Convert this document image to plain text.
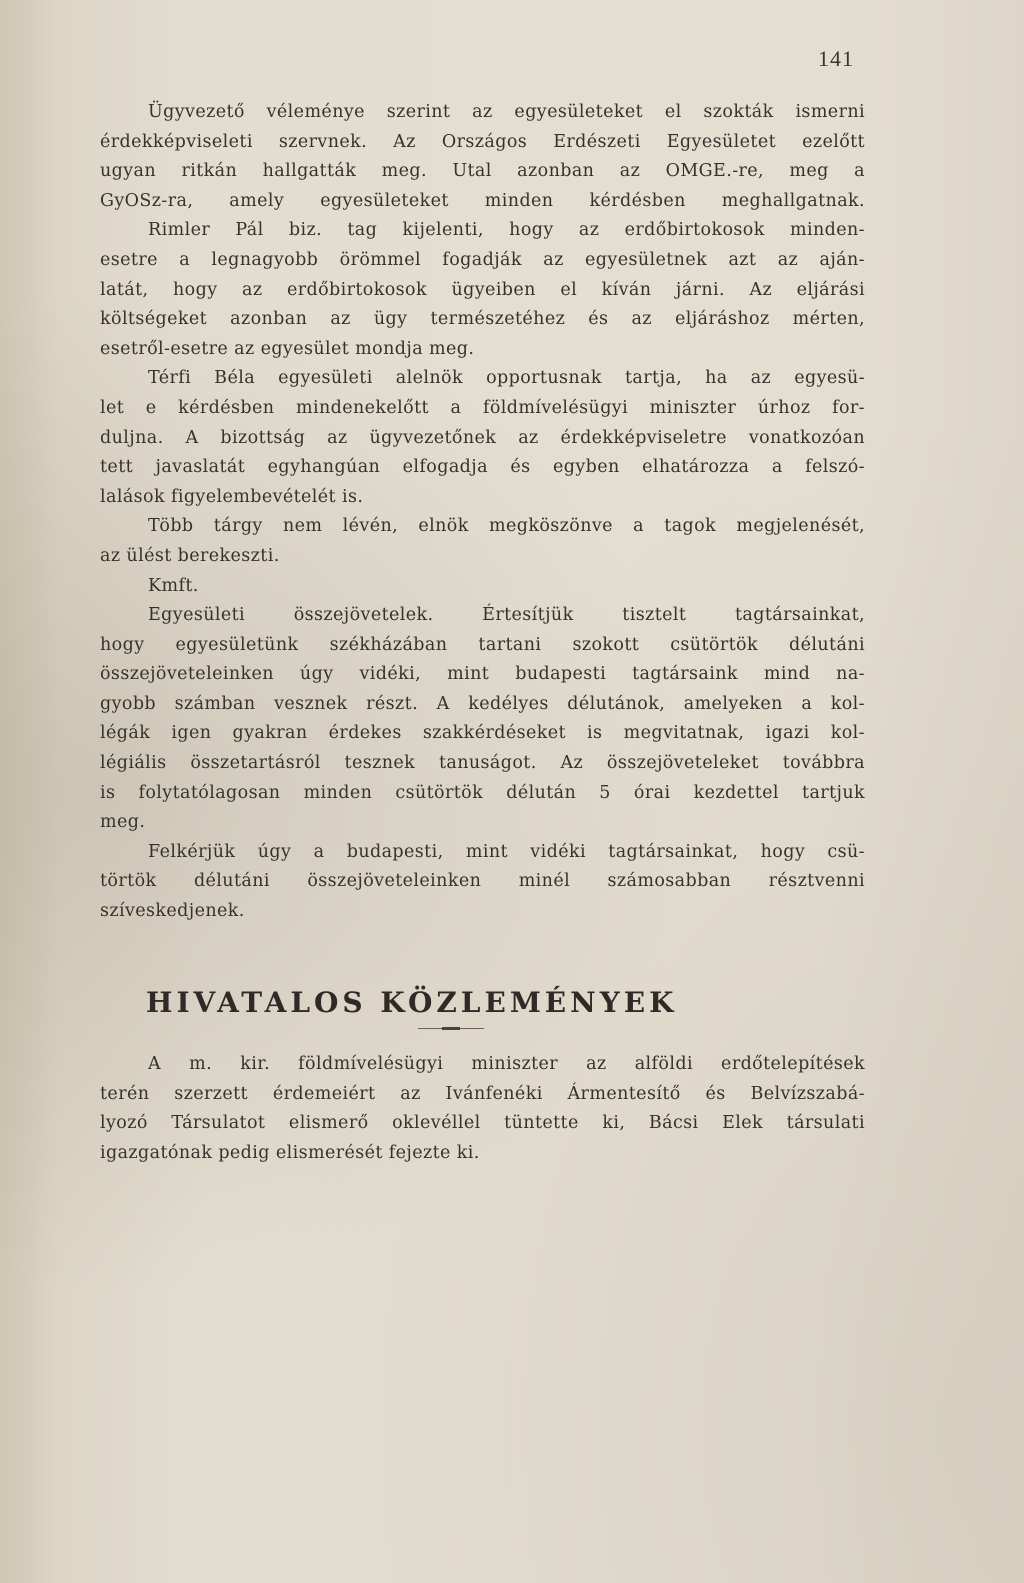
141
Ügyvezető véleménye szerint az egyesületeket el szokták ismerni
érdekképviseleti szervnek. Az Országos Erdészeti Egyesületet ezelőtt
ugyan ritkán hallgatták meg. Utal azonban az OMGE.-re, meg a
GyOSz-ra, amely egyesületeket minden kérdésben meghallgatnak.
Rimler Pál biz. tag kijelenti, hogy az erdőbirtokosok minden-
esetre a legnagyobb örömmel fogadják az egyesületnek azt az aján-
latát, hogy az erdőbirtokosok ügyeiben el kíván járni. Az eljárási
költségeket azonban az ügy természetéhez és az eljáráshoz mérten,
esetről-esetre az egyesület mondja meg.
Térfi Béla egyesületi alelnök opportusnak tartja, ha az egyesü-
let e kérdésben mindenekelőtt a földmívelésügyi miniszter úrhoz for-
duljna. A bizottság az ügyvezetőnek az érdekképviseletre vonatkozóan
tett javaslatát egyhangúan elfogadja és egyben elhatározza a felszó-
lalások figyelembevételét is.
Több tárgy nem lévén, elnök megköszönve a tagok megjelenését,
az ülést berekeszti.
Kmft.
Egyesületi összejövetelek. Értesítjük tisztelt tagtársainkat,
hogy egyesületünk székházában tartani szokott csütörtök délutáni
összejöveteleinken úgy vidéki, mint budapesti tagtársaink mind na-
gyobb számban vesznek részt. A kedélyes délutánok, amelyeken a kol-
légák igen gyakran érdekes szakkérdéseket is megvitatnak, igazi kol-
légiális összetartásról tesznek tanuságot. Az összejöveteleket továbbra
is folytatólagosan minden csütörtök délután 5 órai kezdettel tartjuk
meg.
Felkérjük úgy a budapesti, mint vidéki tagtársainkat, hogy csü-
törtök délutáni összejöveteleinken minél számosabban résztvenni
szíveskedjenek.
HIVATALOS KÖZLEMÉNYEK
A m. kir. földmívelésügyi miniszter az alföldi erdőtelepítések
terén szerzett érdemeiért az Ivánfenéki Ármentesítő és Belvízszabá-
lyozó Társulatot elismerő oklevéllel tüntette ki, Bácsi Elek társulati
igazgatónak pedig elismerését fejezte ki.
